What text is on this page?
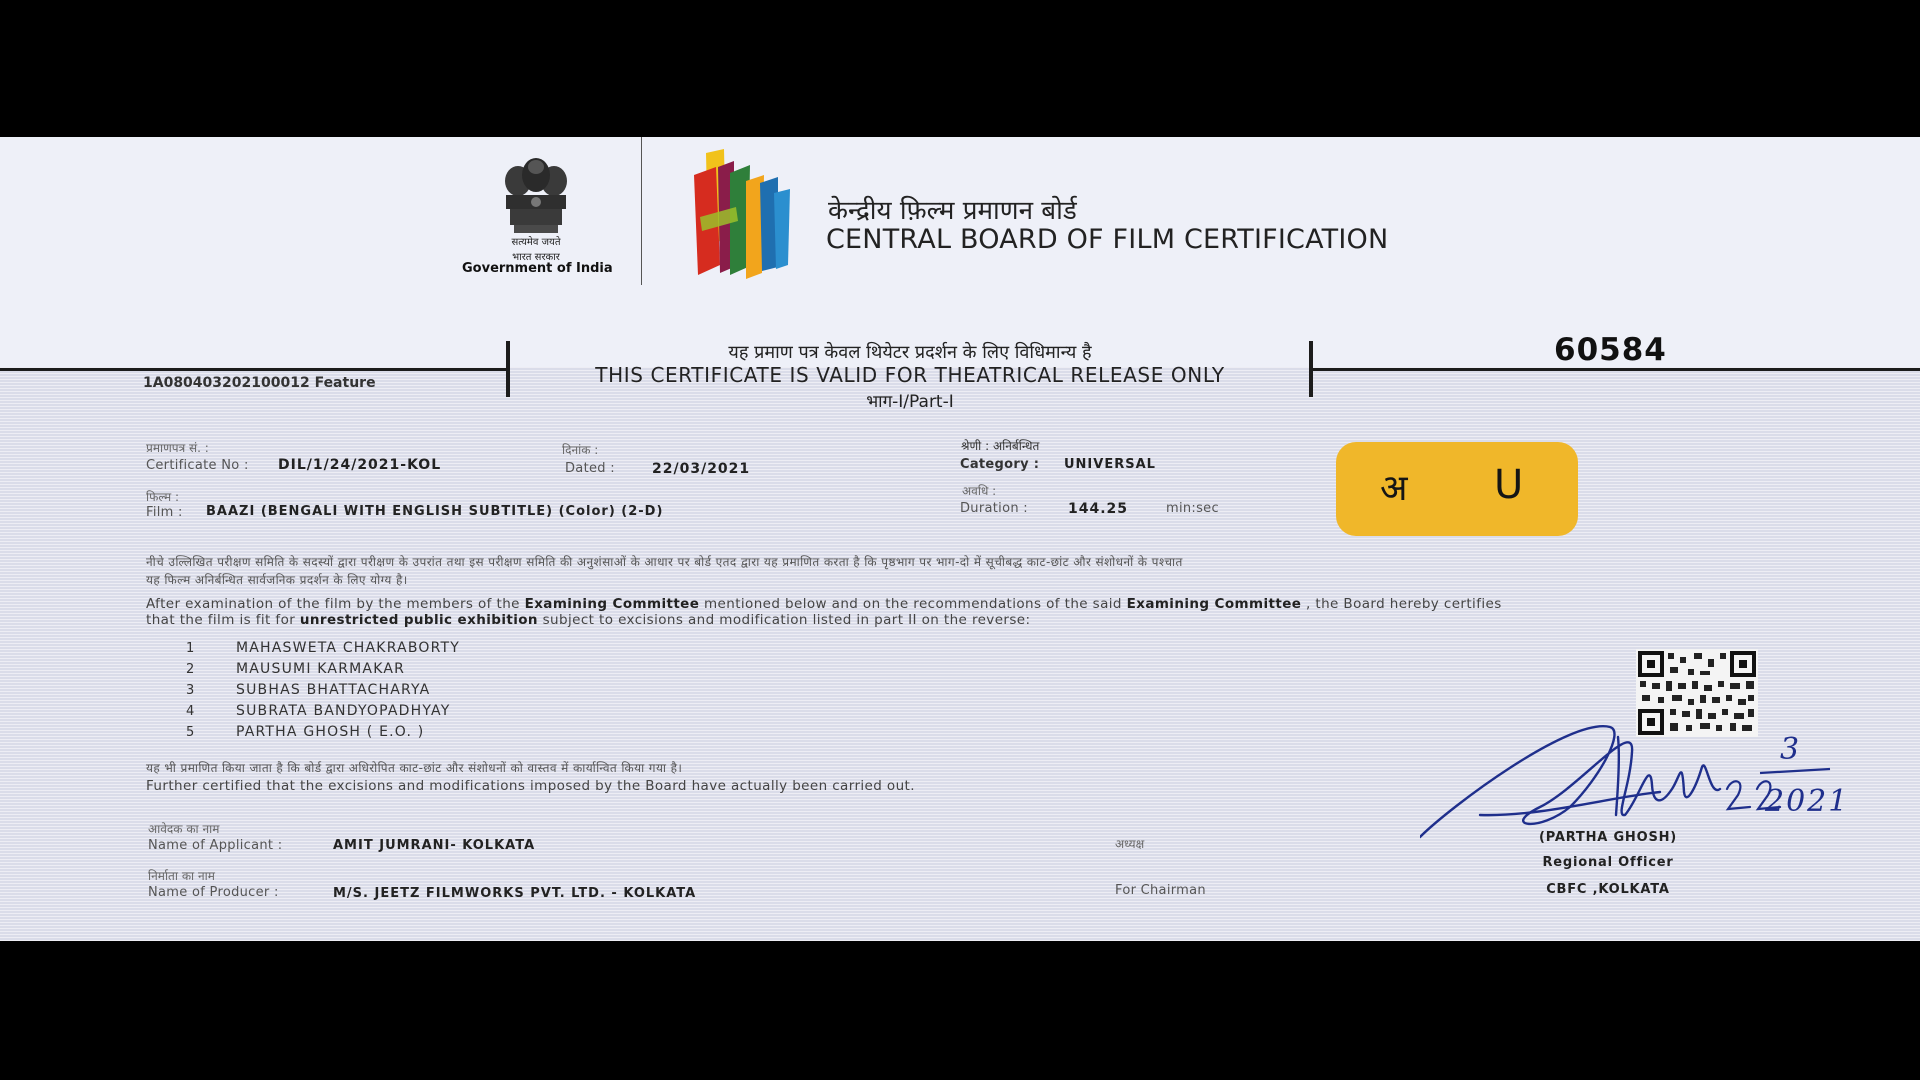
सत्यमेव जयते
भारत सरकार
Government of India
केन्द्रीय फ़िल्म प्रमाणन बोर्ड
CENTRAL BOARD OF FILM CERTIFICATION
यह प्रमाण पत्र केवल थियेटर प्रदर्शन के लिए विधिमान्य है
THIS CERTIFICATE IS VALID FOR THEATRICAL RELEASE ONLY
भाग-I/Part-I
60584
1A080403202100012 Feature
प्रमाणपत्र सं. :
Certificate No : DIL/1/24/2021-KOL
दिनांक :
Dated :	22/03/2021
श्रेणी : अनिर्बन्धित
Category : UNIVERSAL
फिल्म :
Film : BAAZI (BENGALI WITH ENGLISH SUBTITLE) (Color) (2-D)
अवधि :
Duration :	144.25	min:sec	अ U
नीचे उल्लिखित परीक्षण समिति के सदस्यों द्वारा परीक्षण के उपरांत तथा इस परीक्षण समिति की अनुशंसाओं के आधार पर बोर्ड एतद द्वारा यह प्रमाणित करता है कि पृष्ठभाग पर भाग-दो में सूचीबद्ध काट-छांट और संशोधनों के पश्चात
यह फिल्म अनिर्बन्धित सार्वजनिक प्रदर्शन के लिए योग्य है।
After examination of the film by the members of the Examining Committee mentioned below and on the recommendations of the said Examining Committee , the Board hereby certifies
that the film is fit for unrestricted public exhibition subject to excisions and modification listed in part II on the reverse:
1	MAHASWETA CHAKRABORTY
2	MAUSUMI KARMAKAR
3	SUBHAS BHATTACHARYA
4	SUBRATA BANDYOPADHYAY
5	PARTHA GHOSH ( E.O. )
यह भी प्रमाणित किया जाता है कि बोर्ड द्वारा अधिरोपित काट-छांट और संशोधनों को वास्तव में कार्यान्वित किया गया है।
Further certified that the excisions and modifications imposed by the Board have actually been carried out.
आवेदक का नाम
Name of Applicant :	AMIT JUMRANI- KOLKATA
निर्माता का नाम
Name of Producer :	M/S. JEETZ FILMWORKS PVT. LTD. - KOLKATA
अध्यक्ष
For Chairman
3
2021
(PARTHA GHOSH)
Regional Officer
CBFC ,KOLKATA
